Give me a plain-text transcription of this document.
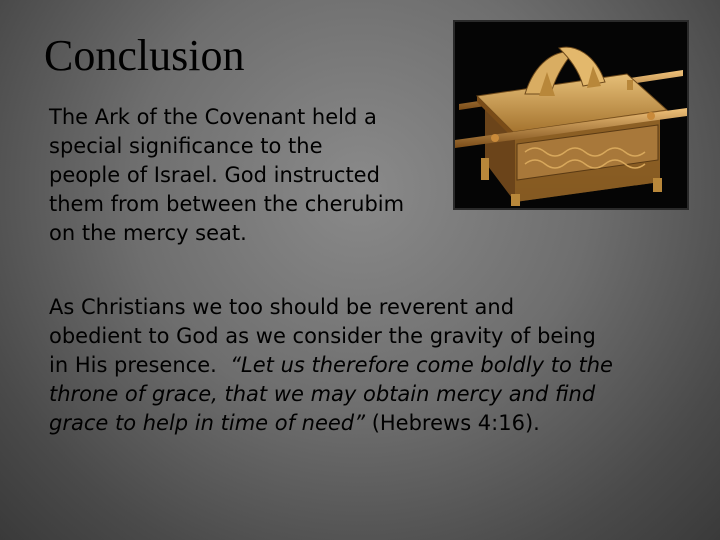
Conclusion
The Ark of the Covenant held a
special significance to the
people of Israel. God instructed
them from between the cherubim
on the mercy seat.
As Christians we too should be reverent and
obedient to God as we consider the gravity of being
in His presence.  “Let us therefore come boldly to the
throne of grace, that we may obtain mercy and find
grace to help in time of need” (Hebrews 4:16).
